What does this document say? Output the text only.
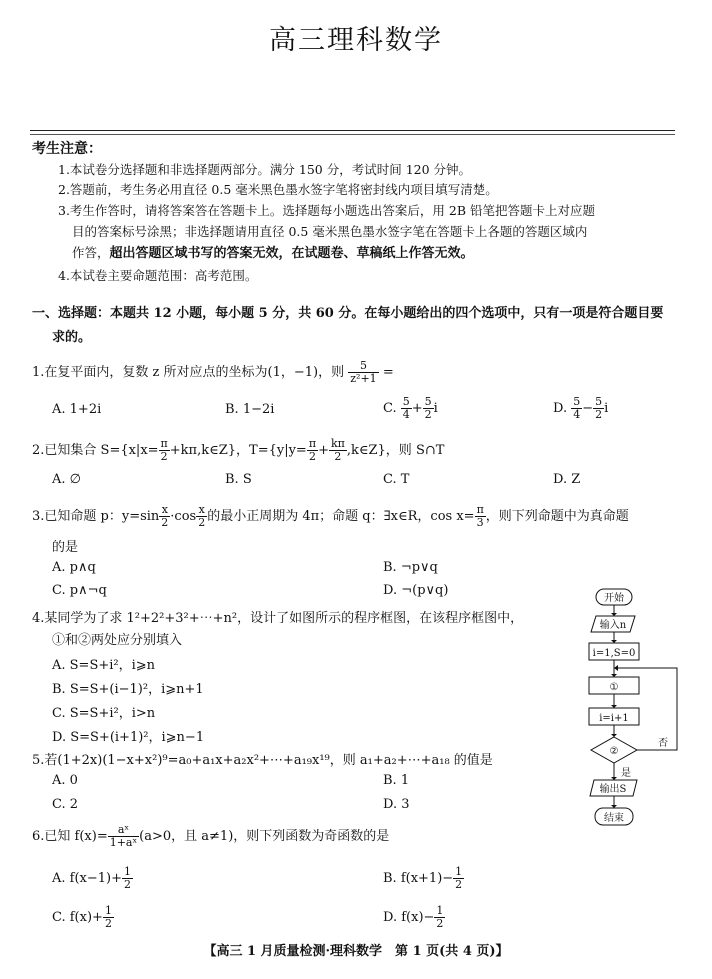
高三理科数学
考生注意：
1.本试卷分选择题和非选择题两部分。满分 150 分，考试时间 120 分钟。
2.答题前，考生务必用直径 0.5 毫米黑色墨水签字笔将密封线内项目填写清楚。
3.考生作答时，请将答案答在答题卡上。选择题每小题选出答案后，用 2B 铅笔把答题卡上对应题
目的答案标号涂黑；非选择题请用直径 0.5 毫米黑色墨水签字笔在答题卡上各题的答题区域内
作答，超出答题区域书写的答案无效，在试题卷、草稿纸上作答无效。
4.本试卷主要命题范围：高考范围。
一、选择题：本题共 12 小题，每小题 5 分，共 60 分。在每小题给出的四个选项中，只有一项是符合题目要
求的。
1.在复平面内，复数 z 所对应点的坐标为(1，−1)，则 $\frac{5}{\text{z²+1}}$ =
A. 1+2i	B. 1−2i	C. $\frac{5}{4} + \frac{5}{2}$ i	D. $\frac{5}{4} - \frac{5}{2}$ i
2.已知集合 $S=\{x|x= \frac{\pi}{2}$ +kπ,k∈Z}，$T=\{y|y= \frac{\pi}{2} + \frac{k\pi}{2}$ ,k∈Z}，则 S∩T
A. ∅	B. S	C. T	D. Z
3.已知命题 p：$y=\sin \frac{x}{2} \cdot\cos \frac{x}{2}$ 的最小正周期为 4π；命题 q：∃x∈R，$\cos x= \frac{\pi}{3}$ ，则下列命题中为真命题
的是
A. p∧q	B. ¬p∨q
C. p∧¬q	D. ¬(p∨q)
4.某同学为了求 1²+2²+3²+⋯+n²，设计了如图所示的程序框图，在该程序框图中，
①和②两处应分别填入
A. S=S+i²，i⩾n
B. S=S+(i−1)²，i⩾n+1
C. S=S+i²，i>n
D. S=S+(i+1)²，i⩾n−1
5.若(1+2x)(1−x+x²)⁹=a₀+a₁x+a₂x²+⋯+a₁₉x¹⁹，则 a₁+a₂+⋯+a₁₈ 的值是
A. 0	B. 1
C. 2	D. 3
6.已知 $f(x)= \frac{\text{aˣ}}{\text{1+aˣ}} (a>0$，且 a≠1)，则下列函数为奇函数的是
A. $f(x-1)+ \frac{1}{2}$	B. $f(x+1)- \frac{1}{2}$
C. $f(x)+ \frac{1}{2}$	D. $f(x)- \frac{1}{2}$
开始
输入n
i=1,S=0
①
i=i+1
②
否
是
输出S
结束
【高三 1 月质量检测·理科数学　第 1 页(共 4 页)】
